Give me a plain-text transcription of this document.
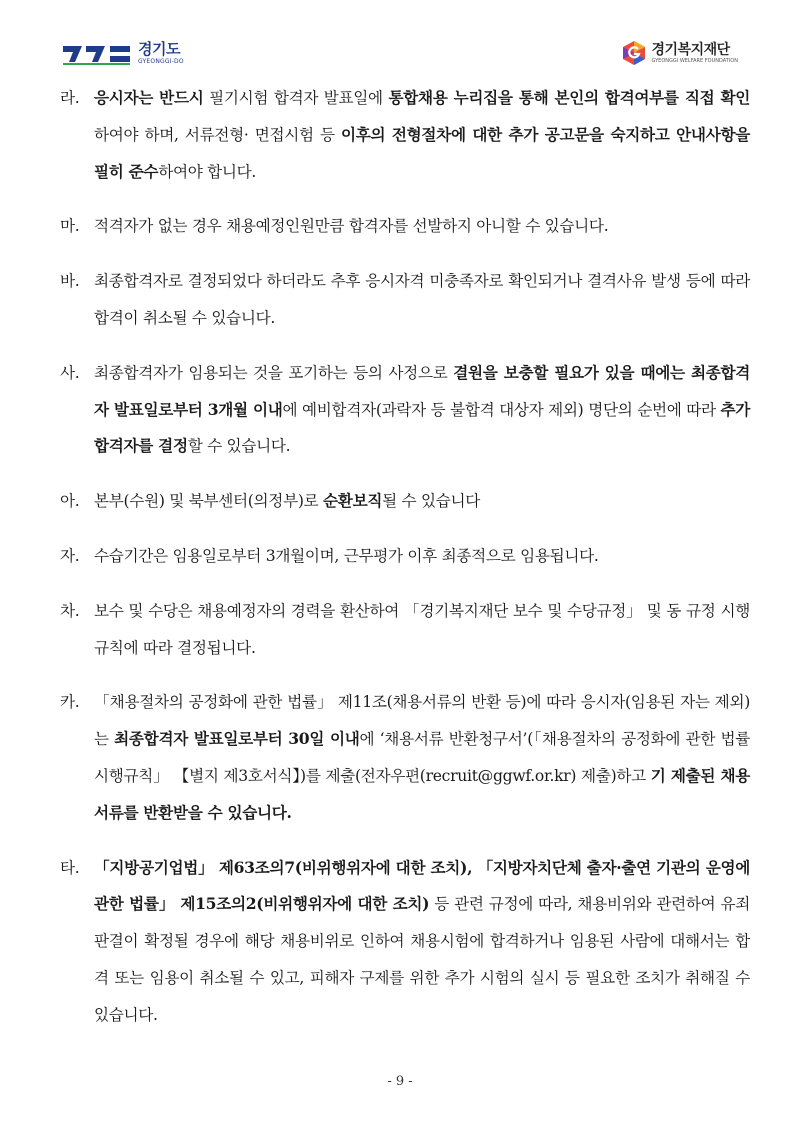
경기도
GYEONGGI-DO
경기복지재단
GYEONGGI WELFARE FOUNDATION
라. 응시자는 반드시 필기시험 합격자 발표일에 통합채용 누리집을 통해 본인의 합격여부를 직접 확인하여야 하며, 서류전형· 면접시험 등 이후의 전형절차에 대한 추가 공고문을 숙지하고 안내사항을 필히 준수하여야 합니다.
마. 적격자가 없는 경우 채용예정인원만큼 합격자를 선발하지 아니할 수 있습니다.
바. 최종합격자로 결정되었다 하더라도 추후 응시자격 미충족자로 확인되거나 결격사유 발생 등에 따라 합격이 취소될 수 있습니다.
사. 최종합격자가 임용되는 것을 포기하는 등의 사정으로 결원을 보충할 필요가 있을 때에는 최종합격자 발표일로부터 3개월 이내에 예비합격자(과락자 등 불합격 대상자 제외) 명단의 순번에 따라 추가합격자를 결정할 수 있습니다.
아. 본부(수원) 및 북부센터(의정부)로 순환보직될 수 있습니다
자. 수습기간은 임용일로부터 3개월이며, 근무평가 이후 최종적으로 임용됩니다.
차. 보수 및 수당은 채용예정자의 경력을 환산하여 「경기복지재단 보수 및 수당규정」 및 동 규정 시행규칙에 따라 결정됩니다.
카. 「채용절차의 공정화에 관한 법률」 제11조(채용서류의 반환 등)에 따라 응시자(임용된 자는 제외)는 최종합격자 발표일로부터 30일 이내에 ‘채용서류 반환청구서’(「채용절차의 공정화에 관한 법률 시행규칙」 【별지 제3호서식】)를 제출(전자우편(recruit@ggwf.or.kr) 제출)하고 기 제출된 채용서류를 반환받을 수 있습니다.
타. 「지방공기업법」 제63조의7(비위행위자에 대한 조치), 「지방자치단체 출자·출연 기관의 운영에 관한 법률」 제15조의2(비위행위자에 대한 조치) 등 관련 규정에 따라, 채용비위와 관련하여 유죄판결이 확정될 경우에 해당 채용비위로 인하여 채용시험에 합격하거나 임용된 사람에 대해서는 합격 또는 임용이 취소될 수 있고, 피해자 구제를 위한 추가 시험의 실시 등 필요한 조치가 취해질 수 있습니다.
- 9 -
